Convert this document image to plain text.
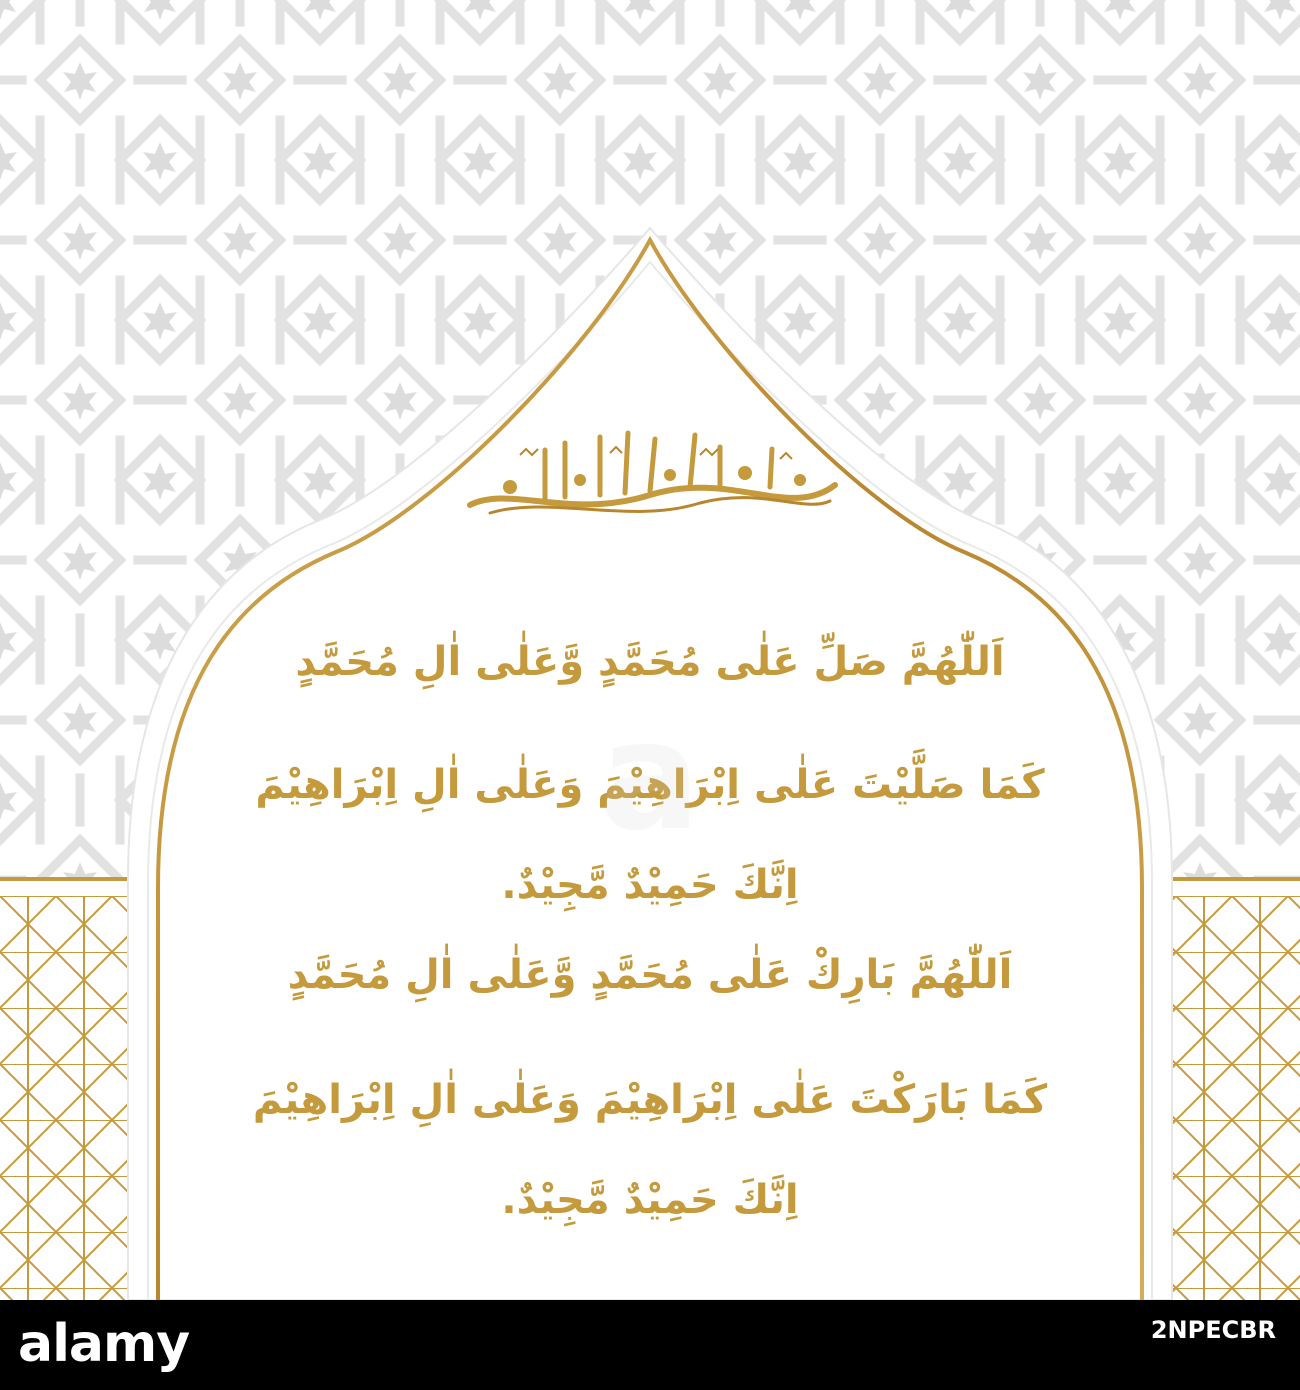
اَللّٰهُمَّ صَلِّ عَلٰى مُحَمَّدٍ وَّعَلٰى اٰلِ مُحَمَّدٍ
كَمَا صَلَّيْتَ عَلٰى اِبْرَاهِيْمَ وَعَلٰى اٰلِ اِبْرَاهِيْمَ
اِنَّكَ حَمِيْدٌ مَّجِيْدٌ.
اَللّٰهُمَّ بَارِكْ عَلٰى مُحَمَّدٍ وَّعَلٰى اٰلِ مُحَمَّدٍ
كَمَا بَارَكْتَ عَلٰى اِبْرَاهِيْمَ وَعَلٰى اٰلِ اِبْرَاهِيْمَ
اِنَّكَ حَمِيْدٌ مَّجِيْدٌ.
alamy	2NPECBR
